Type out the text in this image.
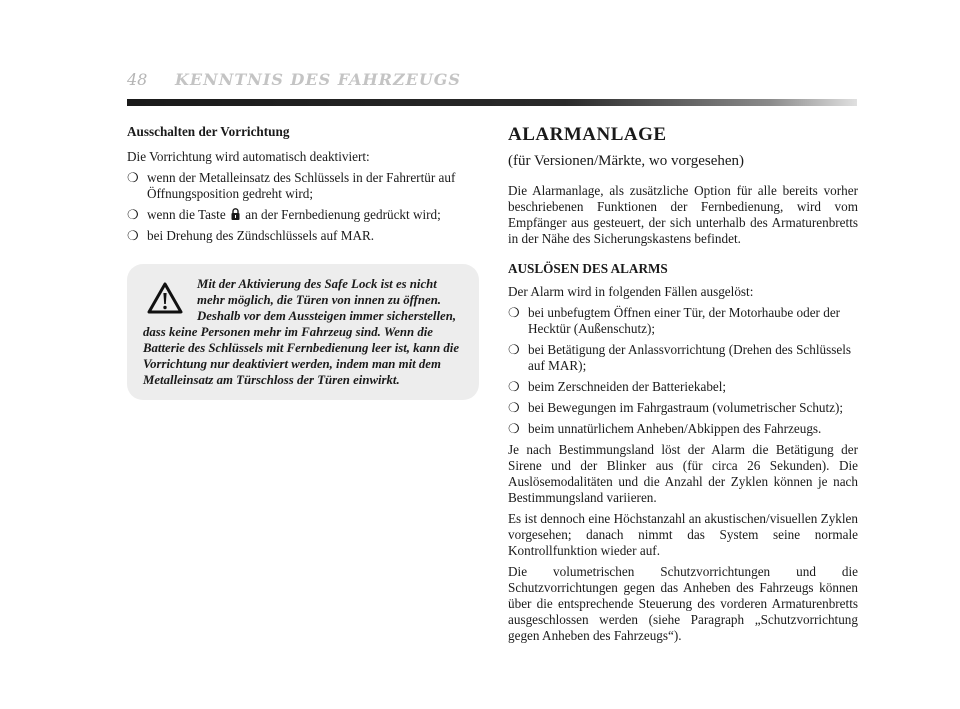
48 KENNTNIS DES FAHRZEUGS
Ausschalten der Vorrichtung

Die Vorrichtung wird automatisch deaktiviert:

❍ wenn der Metalleinsatz des Schlüssels in der Fahrertür auf Öffnungsposition gedreht wird;
❍ wenn die Taste an der Fernbedienung gedrückt wird;
❍ bei Drehung des Zündschlüssels auf MAR.
Mit der Aktivierung des Safe Lock ist es nicht mehr möglich, die Türen von innen zu öffnen. Deshalb vor dem Aussteigen immer sicherstellen, dass keine Personen mehr im Fahrzeug sind. Wenn die Batterie des Schlüssels mit Fernbedienung leer ist, kann die Vorrichtung nur deaktiviert werden, indem man mit dem Metalleinsatz am Türschloss der Türen einwirkt.
ALARMANLAGE
(für Versionen/Märkte, wo vorgesehen)

Die Alarmanlage, als zusätzliche Option für alle bereits vorher beschriebenen Funktionen der Fernbedienung, wird vom Empfänger aus gesteuert, der sich unterhalb des Armaturenbretts in der Nähe des Sicherungskastens befindet.

AUSLÖSEN DES ALARMS

Der Alarm wird in folgenden Fällen ausgelöst:

❍ bei unbefugtem Öffnen einer Tür, der Motorhaube oder der Hecktür (Außenschutz);
❍ bei Betätigung der Anlassvorrichtung (Drehen des Schlüssels auf MAR);
❍ beim Zerschneiden der Batteriekabel;
❍ bei Bewegungen im Fahrgastraum (volumetrischer Schutz);
❍ beim unnatürlichem Anheben/Abkippen des Fahrzeugs.

Je nach Bestimmungsland löst der Alarm die Betätigung der Sirene und der Blinker aus (für circa 26 Sekunden). Die Auslösemodalitäten und die Anzahl der Zyklen können je nach Bestimmungsland variieren.

Es ist dennoch eine Höchstanzahl an akustischen/visuellen Zyklen vorgesehen; danach nimmt das System seine normale Kontrollfunktion wieder auf.

Die volumetrischen Schutzvorrichtungen und die Schutzvorrichtungen gegen das Anheben des Fahrzeugs können über die entsprechende Steuerung des vorderen Armaturenbretts ausgeschlossen werden (siehe Paragraph „Schutzvorrichtung gegen Anheben des Fahrzeugs“).
